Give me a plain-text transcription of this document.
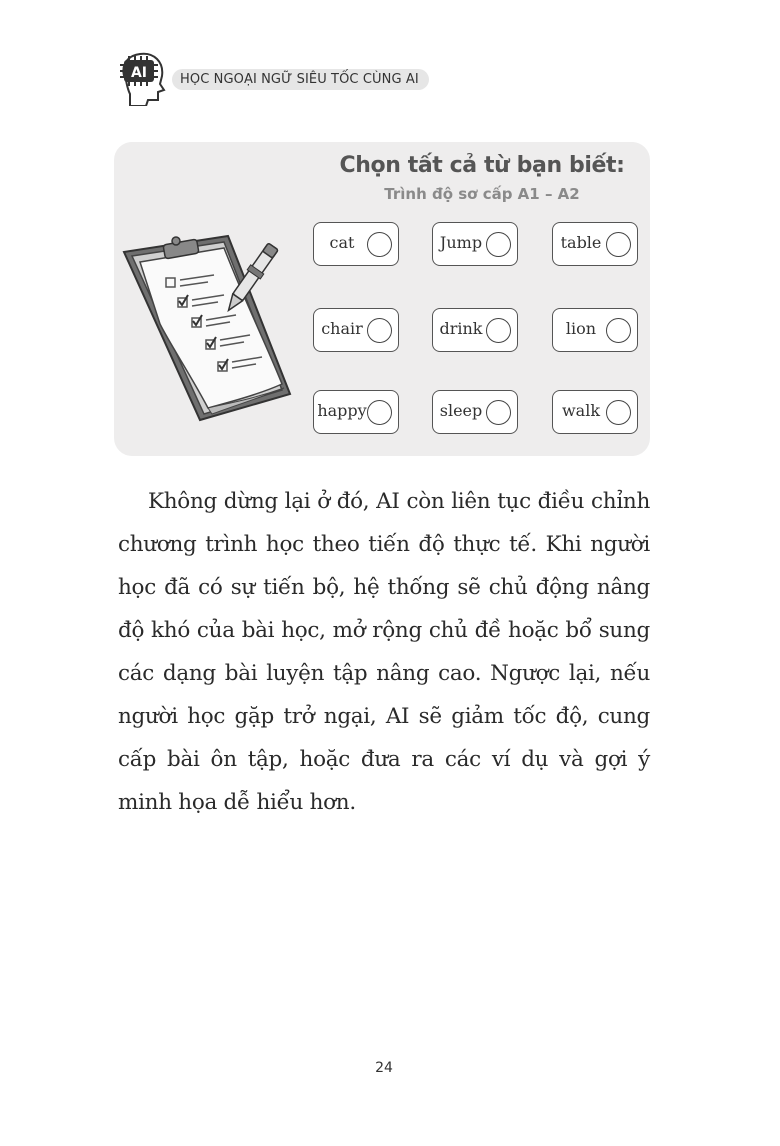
AI	HỌC NGOẠI NGỮ SIÊU TỐC CÙNG AI
Chọn tất cả từ bạn biết:
Trình độ sơ cấp A1 – A2
cat	Jump	table
chair	drink	lion
happy	sleep	walk

Không dừng lại ở đó, AI còn liên tục điều chỉnh chương trình học theo tiến độ thực tế. Khi người học đã có sự tiến bộ, hệ thống sẽ chủ động nâng độ khó của bài học, mở rộng chủ đề hoặc bổ sung các dạng bài luyện tập nâng cao. Ngược lại, nếu người học gặp trở ngại, AI sẽ giảm tốc độ, cung cấp bài ôn tập, hoặc đưa ra các ví dụ và gợi ý minh họa dễ hiểu hơn.

24
